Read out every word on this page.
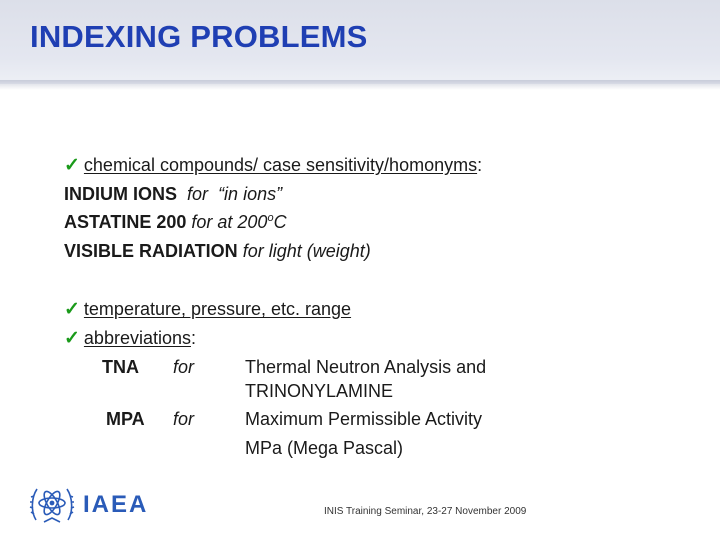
INDEXING PROBLEMS
✓ chemical compounds/ case sensitivity/homonyms:
INDIUM IONS for “in ions”
ASTATINE 200 for at 200$^o$C
VISIBLE RADIATION for light (weight)
✓ temperature, pressure, etc. range
✓ abbreviations:
TNA for	Thermal Neutron Analysis and
TRINONYLAMINE
MPA for	Maximum Permissible Activity
MPa (Mega Pascal)
IAEA	INIS Training Seminar, 23-27 November 2009
